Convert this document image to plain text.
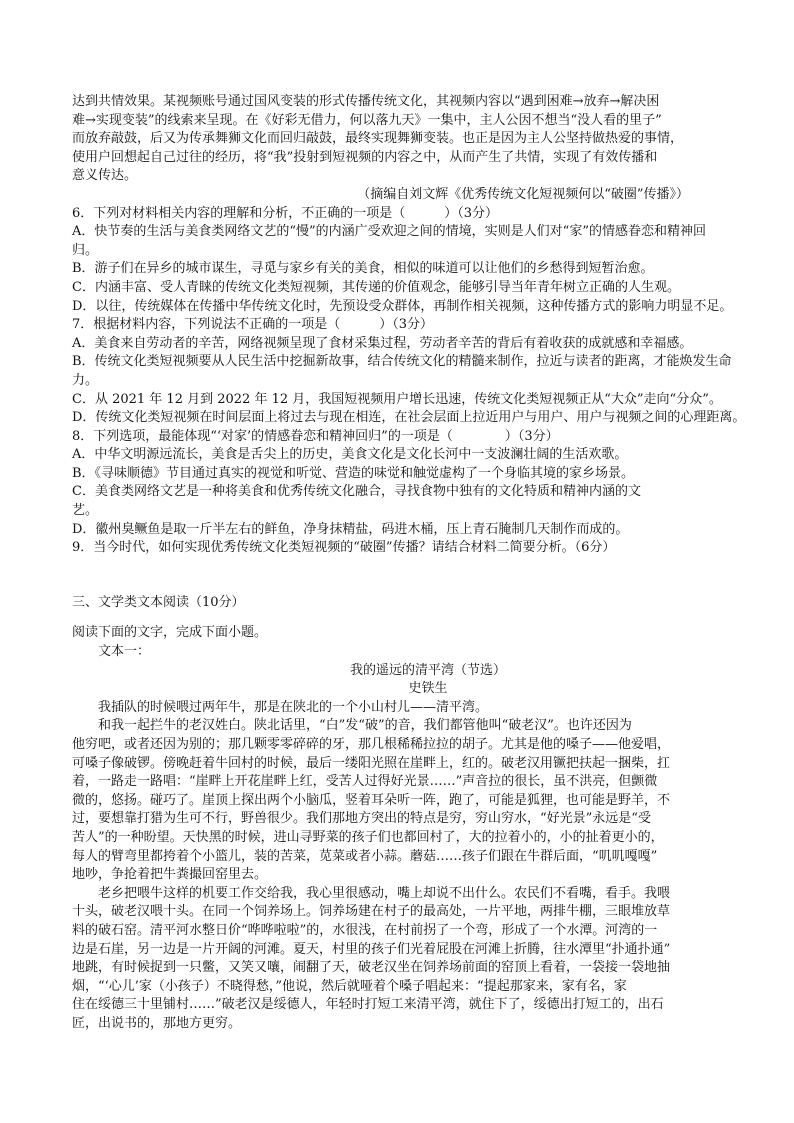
达到共情效果。某视频账号通过国风变装的形式传播传统文化，其视频内容以“遇到困难→放弃→解决困

难→实现变装”的线索来呈现。在《好彩无借力，何以落九天》一集中，主人公因不想当“没人看的里子”

而放弃敲鼓，后又为传承舞狮文化而回归敲鼓，最终实现舞狮变装。也正是因为主人公坚持做热爱的事情，

使用户回想起自己过往的经历，将“我”投射到短视频的内容之中，从而产生了共情，实现了有效传播和

意义传达。

（摘编自刘文辉《优秀传统文化短视频何以“破圈”传播》）

6．下列对材料相关内容的理解和分析，不正确的一项是（　　　）（3分）

A．快节奏的生活与美食类网络文艺的“慢”的内涵广受欢迎之间的情境，实则是人们对“家”的情感眷恋和精神回

归。

B．游子们在异乡的城市谋生，寻觅与家乡有关的美食，相似的味道可以让他们的乡愁得到短暂治愈。

C．内涵丰富、受人青睐的传统文化类短视频，其传递的价值观念，能够引导当年青年树立正确的人生观。

D．以往，传统媒体在传播中华传统文化时，先预设受众群体，再制作相关视频，这种传播方式的影响力明显不足。

7．根据材料内容，下列说法不正确的一项是（　　　）（3分）

A．美食来自劳动者的辛苦，网络视频呈现了食材采集过程，劳动者辛苦的背后有着收获的成就感和幸福感。

B．传统文化类短视频要从人民生活中挖掘新故事，结合传统文化的精髓来制作，拉近与读者的距离，才能焕发生命

力。

C．从 2021 年 12 月到 2022 年 12 月，我国短视频用户增长迅速，传统文化类短视频正从“大众”走向“分众”。

D．传统文化类短视频在时间层面上将过去与现在相连，在社会层面上拉近用户与用户、用户与视频之间的心理距离。

8．下列选项，最能体现“‘对家’的情感眷恋和精神回归”的一项是（　　　　）（3分）

A．中华文明源远流长，美食是舌尖上的历史，美食文化是文化长河中一支波澜壮阔的生活欢歌。

B．《寻味顺德》节目通过真实的视觉和听觉、营造的味觉和触觉虚构了一个身临其境的家乡场景。

C．美食类网络文艺是一种将美食和优秀传统文化融合，寻找食物中独有的文化特质和精神内涵的文

艺。

D．徽州臭鳜鱼是取一斤半左右的鲜鱼，净身抹精盐，码进木桶，压上青石腌制几天制作而成的。

9．当今时代，如何实现优秀传统文化类短视频的“破圈”传播？请结合材料二简要分析。（6分）

三、文学类文本阅读（10分）

阅读下面的文字，完成下面小题。

文本一：

我的遥远的清平湾（节选）

史铁生

我插队的时候喂过两年牛，那是在陕北的一个小山村儿——清平湾。

和我一起拦牛的老汉姓白。陕北话里，“白”发“破”的音，我们都管他叫“破老汉”。也许还因为

他穷吧，或者还因为别的；那几颗零零碎碎的牙，那几根稀稀拉拉的胡子。尤其是他的嗓子——他爱唱，

可嗓子像破锣。傍晚赶着牛回村的时候，最后一缕阳光照在崖畔上，红的。破老汉用镢把扶起一捆柴，扛

着，一路走一路唱：“崖畔上开花崖畔上红，受苦人过得好光景……”声音拉的很长，虽不洪亮，但颤微

微的，悠扬。碰巧了。崖顶上探出两个小脑瓜，竖着耳朵听一阵，跑了，可能是狐狸，也可能是野羊，不

过，要想靠打猎为生可不行，野兽很少。我们那地方突出的特点是穷，穷山穷水，“好光景”永远是“受

苦人”的一种盼望。天快黑的时候，进山寻野菜的孩子们也都回村了，大的拉着小的，小的扯着更小的，

每人的臂弯里都挎着个小篮儿，装的苦菜，苋菜或者小蒜。蘑菇……孩子们跟在牛群后面，“叽叽嘎嘎”

地吵，争抢着把牛粪撮回窑里去。

老乡把喂牛这样的机要工作交给我，我心里很感动，嘴上却说不出什么。农民们不看嘴，看手。我喂

十头，破老汉喂十头。在同一个饲养场上。饲养场建在村子的最高处，一片平地，两排牛棚，三眼堆放草

料的破石窑。清平河水整日价“哗哗啦啦”的，水很浅，在村前拐了一个弯，形成了一个水潭。河湾的一

边是石崖，另一边是一片开阔的河滩。夏天，村里的孩子们光着屁股在河滩上折腾，往水潭里“扑通扑通”

地跳，有时候捉到一只鳖，又笑又嚷，闹翻了天，破老汉坐在饲养场前面的窑顶上看着，一袋接一袋地抽

烟，“‘心儿’家（小孩子）不晓得愁，”他说，然后就哑着个嗓子唱起来：“提起那家来，家有名，家

住在绥德三十里铺村……”破老汉是绥德人，年轻时打短工来清平湾，就住下了，绥德出打短工的，出石

匠，出说书的，那地方更穷。
